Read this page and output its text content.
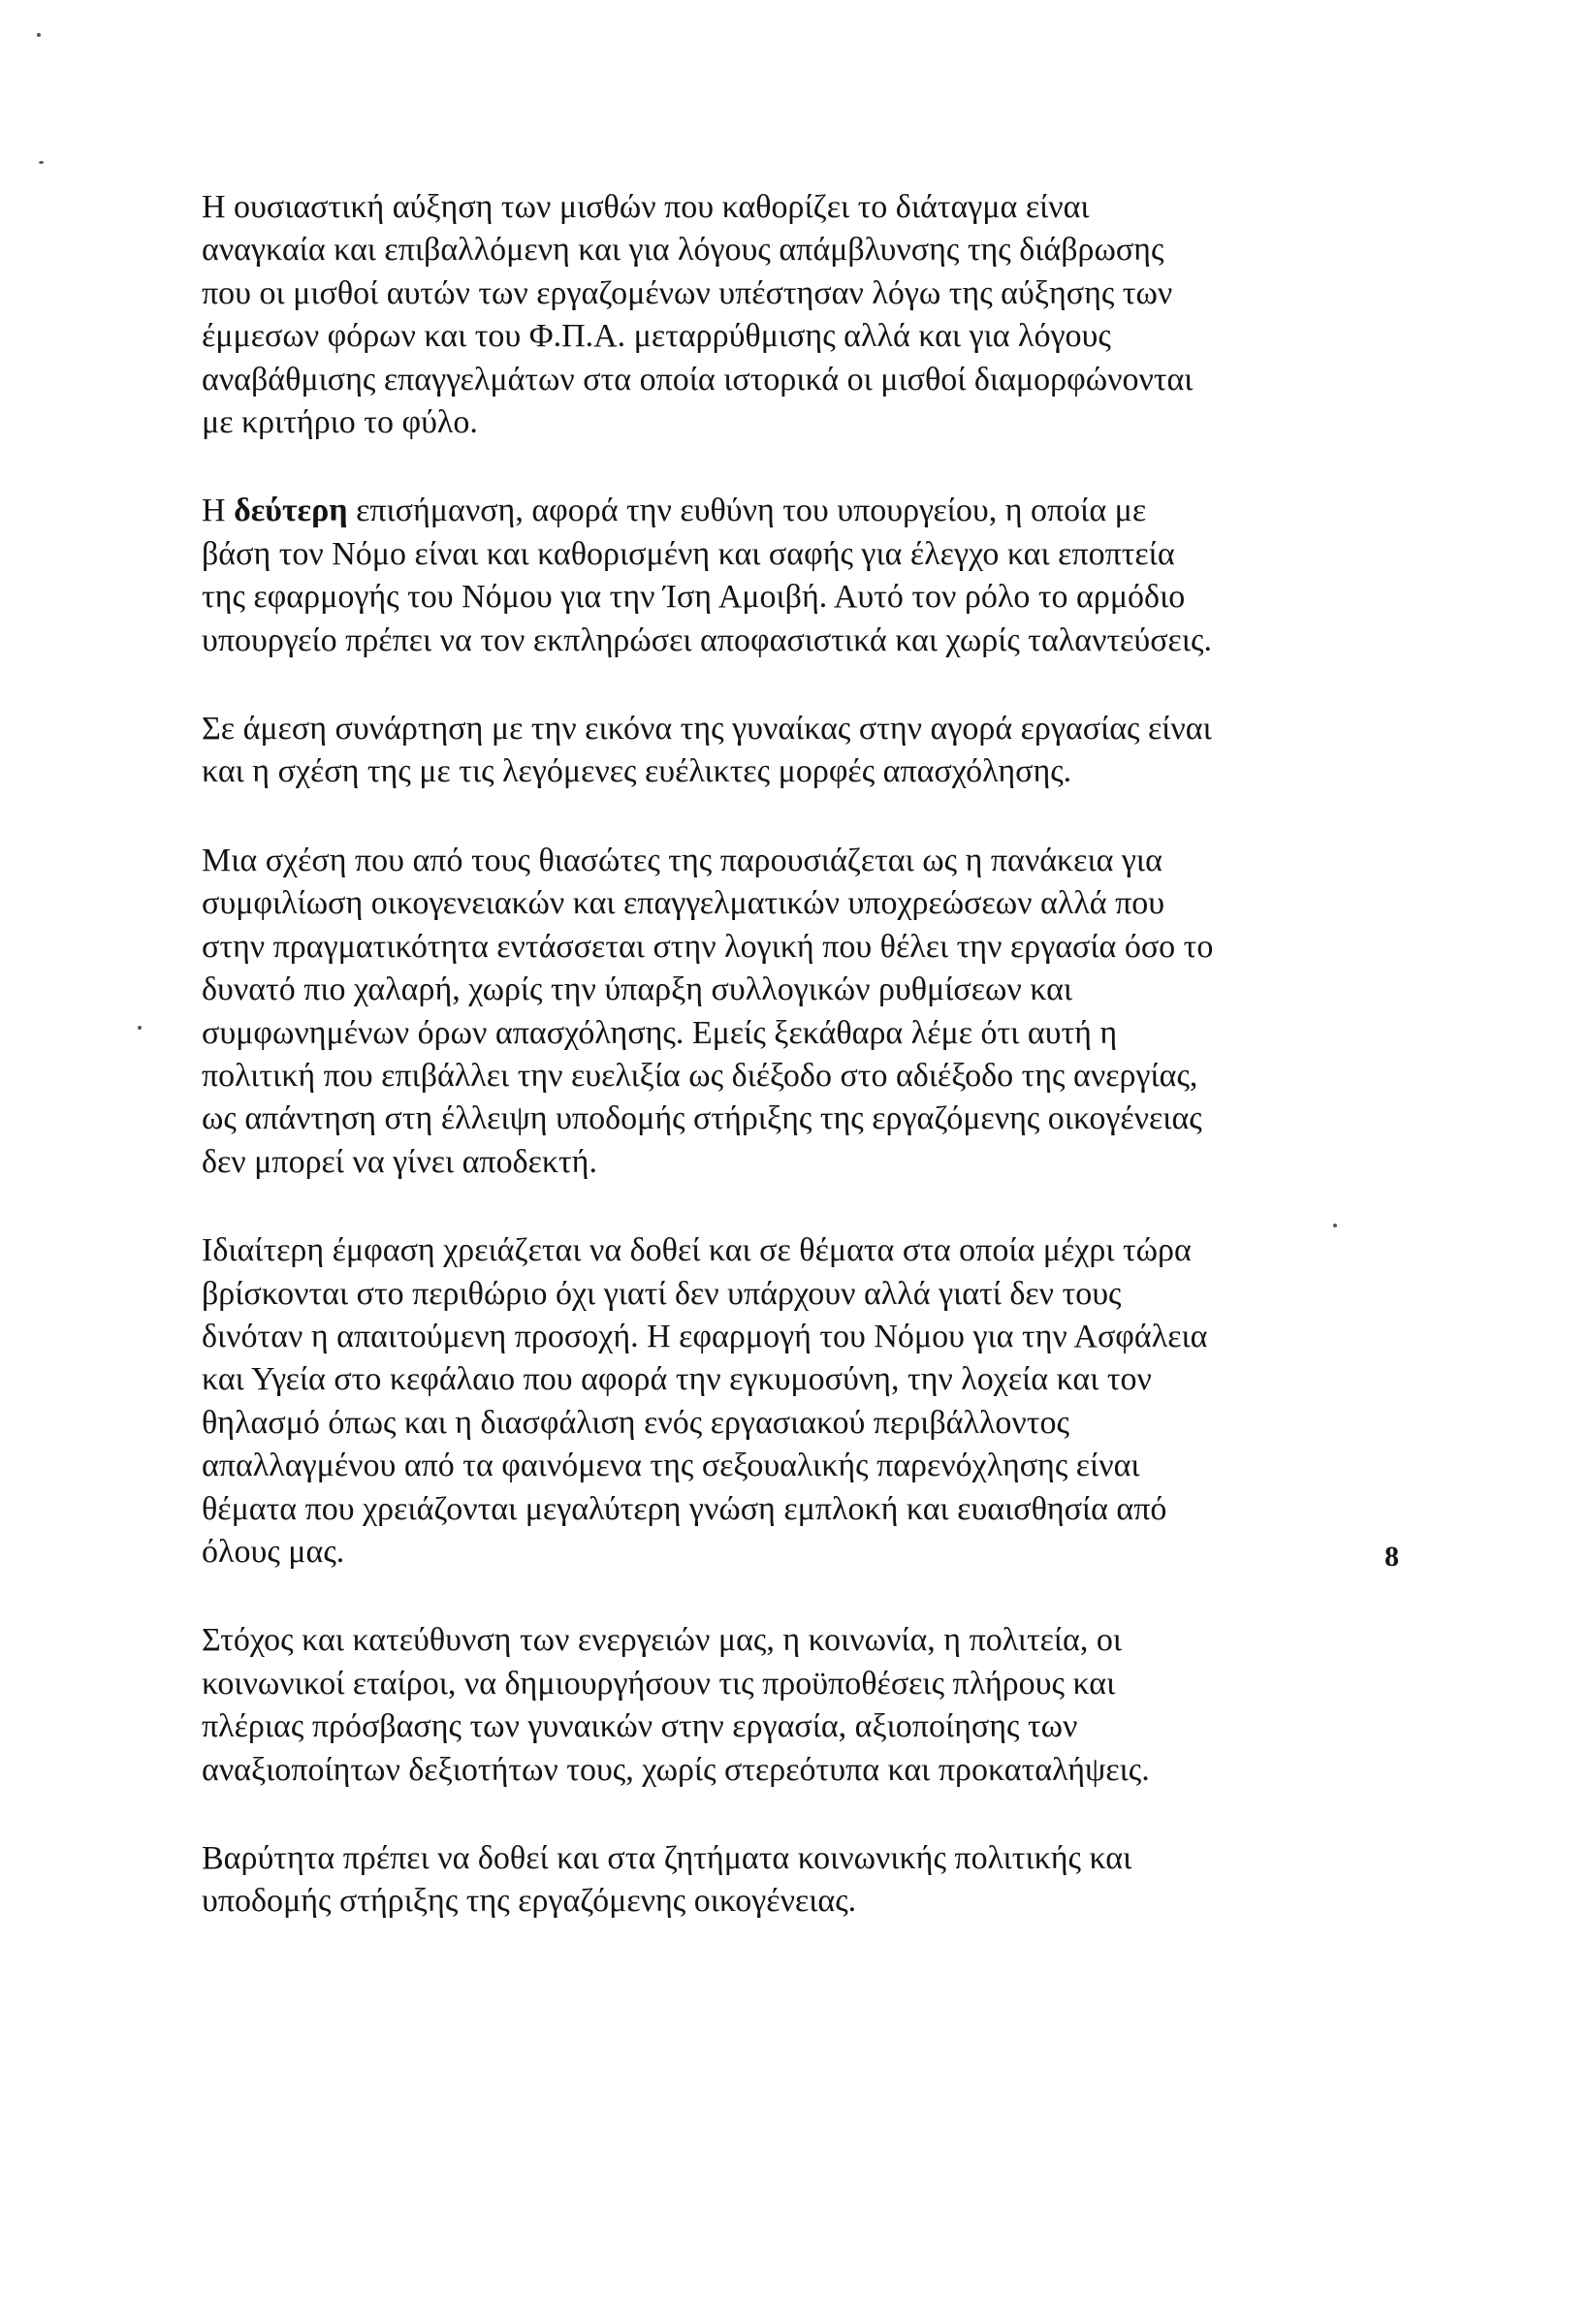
Η ουσιαστική αύξηση των μισθών που καθορίζει το διάταγμα είναι
αναγκαία και επιβαλλόμενη και για λόγους απάμβλυνσης της διάβρωσης
που οι μισθοί αυτών των εργαζομένων υπέστησαν λόγω της αύξησης των
έμμεσων φόρων και του Φ.Π.Α. μεταρρύθμισης αλλά και για λόγους
αναβάθμισης επαγγελμάτων στα οποία ιστορικά οι μισθοί διαμορφώνονται
με κριτήριο το φύλο.
Η δεύτερη επισήμανση, αφορά την ευθύνη του υπουργείου, η οποία με
βάση τον Νόμο είναι και καθορισμένη και σαφής για έλεγχο και εποπτεία
της εφαρμογής του Νόμου για την Ίση Αμοιβή. Αυτό τον ρόλο το αρμόδιο
υπουργείο πρέπει να τον εκπληρώσει αποφασιστικά και χωρίς ταλαντεύσεις.
Σε άμεση συνάρτηση με την εικόνα της γυναίκας στην αγορά εργασίας είναι
και η σχέση της με τις λεγόμενες ευέλικτες μορφές απασχόλησης.
Μια σχέση που από τους θιασώτες της παρουσιάζεται ως η πανάκεια για
συμφιλίωση οικογενειακών και επαγγελματικών υποχρεώσεων αλλά που
στην πραγματικότητα εντάσσεται στην λογική που θέλει την εργασία όσο το
δυνατό πιο χαλαρή, χωρίς την ύπαρξη συλλογικών ρυθμίσεων και
συμφωνημένων όρων απασχόλησης. Εμείς ξεκάθαρα λέμε ότι αυτή η
πολιτική που επιβάλλει την ευελιξία ως διέξοδο στο αδιέξοδο της ανεργίας,
ως απάντηση στη έλλειψη υποδομής στήριξης της εργαζόμενης οικογένειας
δεν μπορεί να γίνει αποδεκτή.
Ιδιαίτερη έμφαση χρειάζεται να δοθεί και σε θέματα στα οποία μέχρι τώρα
βρίσκονται στο περιθώριο όχι γιατί δεν υπάρχουν αλλά γιατί δεν τους
δινόταν η απαιτούμενη προσοχή. Η εφαρμογή του Νόμου για την Ασφάλεια
και Υγεία στο κεφάλαιο που αφορά την εγκυμοσύνη, την λοχεία και τον
θηλασμό όπως και η διασφάλιση ενός εργασιακού περιβάλλοντος
απαλλαγμένου από τα φαινόμενα της σεξουαλικής παρενόχλησης είναι
θέματα που χρειάζονται μεγαλύτερη γνώση εμπλοκή και ευαισθησία από
όλους μας.
Στόχος και κατεύθυνση των ενεργειών μας, η κοινωνία, η πολιτεία, οι
κοινωνικοί εταίροι, να δημιουργήσουν τις προϋποθέσεις πλήρους και
πλέριας πρόσβασης των γυναικών στην εργασία, αξιοποίησης των
αναξιοποίητων δεξιοτήτων τους, χωρίς στερεότυπα και προκαταλήψεις.
Βαρύτητα πρέπει να δοθεί και στα ζητήματα κοινωνικής πολιτικής και
υποδομής στήριξης της εργαζόμενης οικογένειας.
8
